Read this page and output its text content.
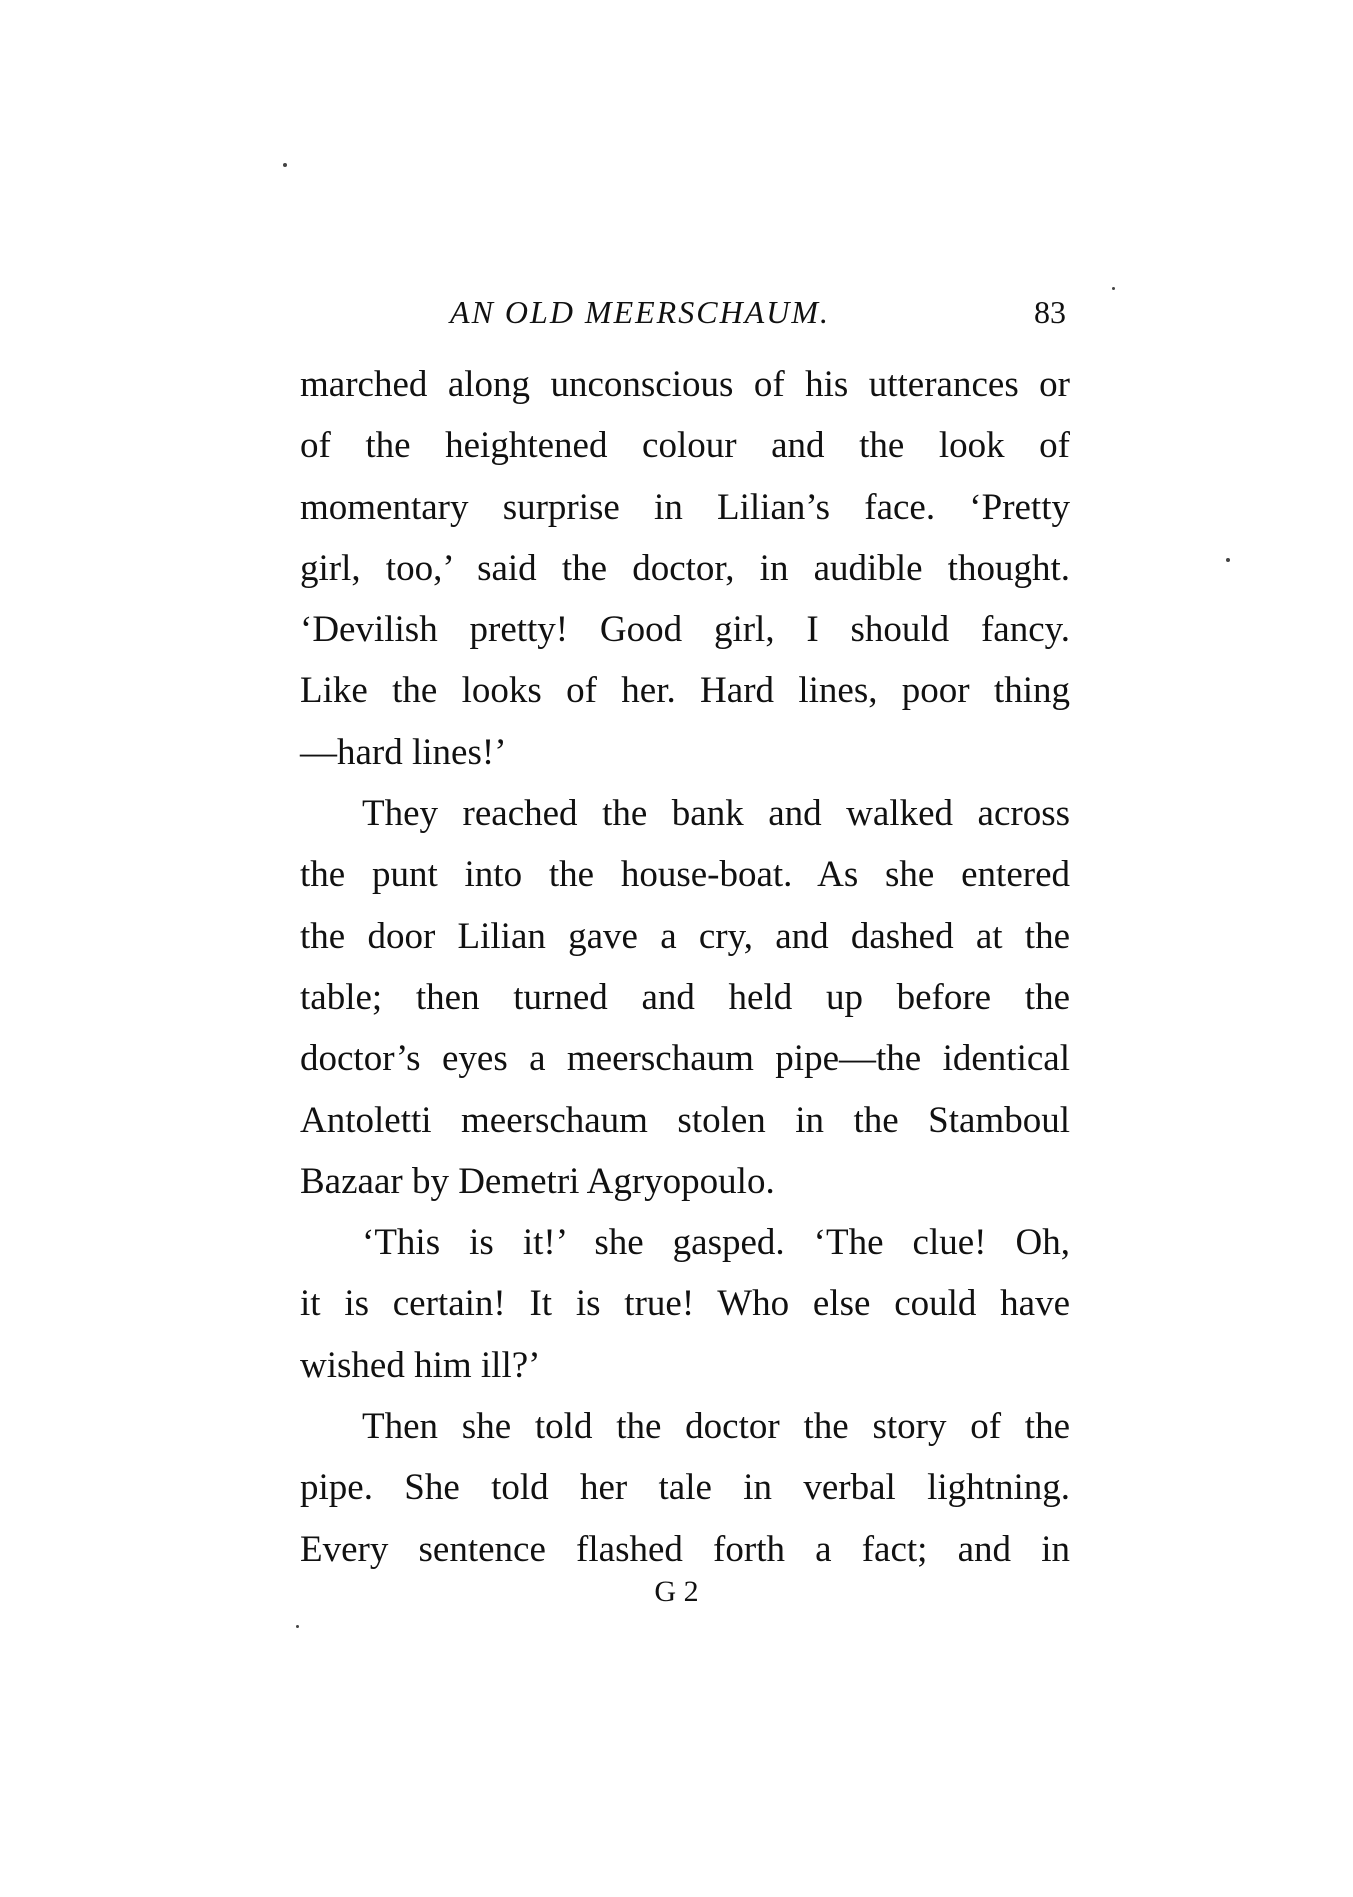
AN OLD MEERSCHAUM.	83
marched along unconscious of his utterances or
of the heightened colour and the look of
momentary surprise in Lilian’s face. ‘Pretty
girl, too,’ said the doctor, in audible thought.
‘Devilish pretty! Good girl, I should fancy.
Like the looks of her. Hard lines, poor thing
—hard lines!’
They reached the bank and walked across
the punt into the house-boat. As she entered
the door Lilian gave a cry, and dashed at the
table; then turned and held up before the
doctor’s eyes a meerschaum pipe—the identical
Antoletti meerschaum stolen in the Stamboul
Bazaar by Demetri Agryopoulo.
‘This is it!’ she gasped. ‘The clue! Oh,
it is certain! It is true! Who else could have
wished him ill?’
Then she told the doctor the story of the
pipe. She told her tale in verbal lightning.
Every sentence flashed forth a fact; and in
G 2
